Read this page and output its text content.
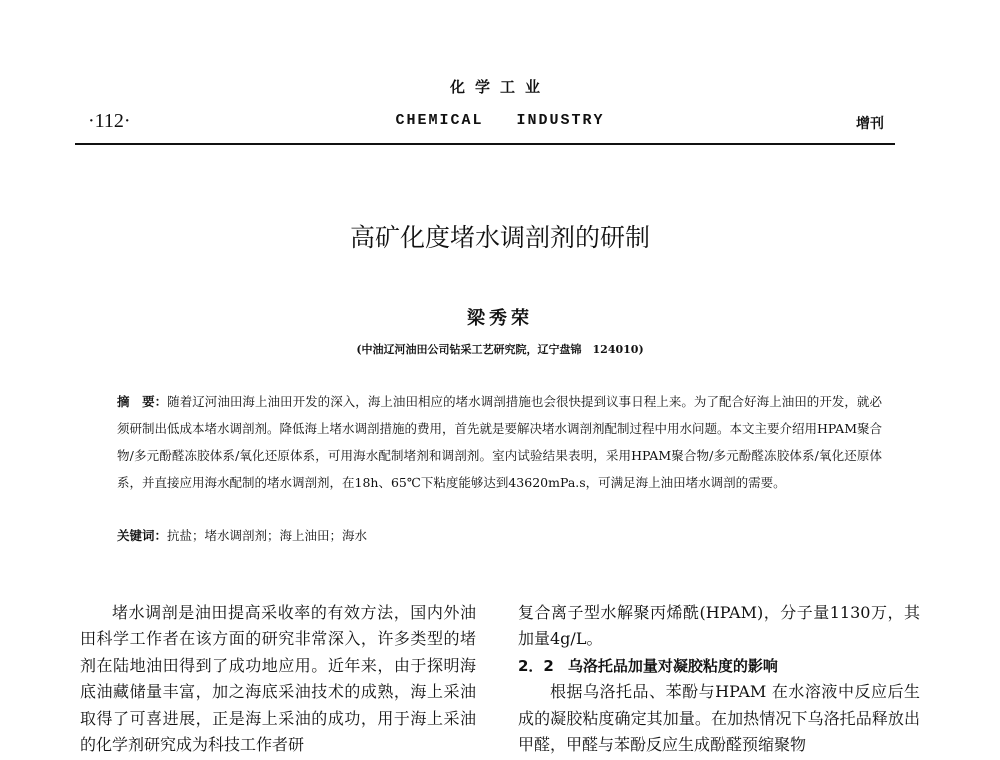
化学工业
·112·	CHEMICAL   INDUSTRY	增刊
高矿化度堵水调剖剂的研制
梁秀荣
(中油辽河油田公司钻采工艺研究院，辽宁盘锦　124010)
摘　要：随着辽河油田海上油田开发的深入，海上油田相应的堵水调剖措施也会很快提到议事日程上来。为了配合好海上油田的开发，就必须研制出低成本堵水调剖剂。降低海上堵水调剖措施的费用，首先就是要解决堵水调剖剂配制过程中用水问题。本文主要介绍用HPAM聚合物/多元酚醛冻胶体系/氧化还原体系，可用海水配制堵剂和调剖剂。室内试验结果表明，采用HPAM聚合物/多元酚醛冻胶体系/氧化还原体系，并直接应用海水配制的堵水调剖剂，在18h、65℃下粘度能够达到43620mPa.s，可满足海上油田堵水调剖的需要。
关键词：抗盐；堵水调剖剂；海上油田；海水

堵水调剖是油田提高采收率的有效方法，国内外油田科学工作者在该方面的研究非常深入，许多类型的堵剂在陆地油田得到了成功地应用。近年来，由于探明海底油藏储量丰富，加之海底采油技术的成熟，海上采油取得了可喜进展，正是海上采油的成功，用于海上采油的化学剂研究成为科技工作者研

复合离子型水解聚丙烯酰(HPAM)，分子量1130万，其加量4g/L。

2．2 乌洛托品加量对凝胶粘度的影响

根据乌洛托品、苯酚与HPAM 在水溶液中反应后生成的凝胶粘度确定其加量。在加热情况下乌洛托品释放出甲醛，甲醛与苯酚反应生成酚醛预缩聚物
